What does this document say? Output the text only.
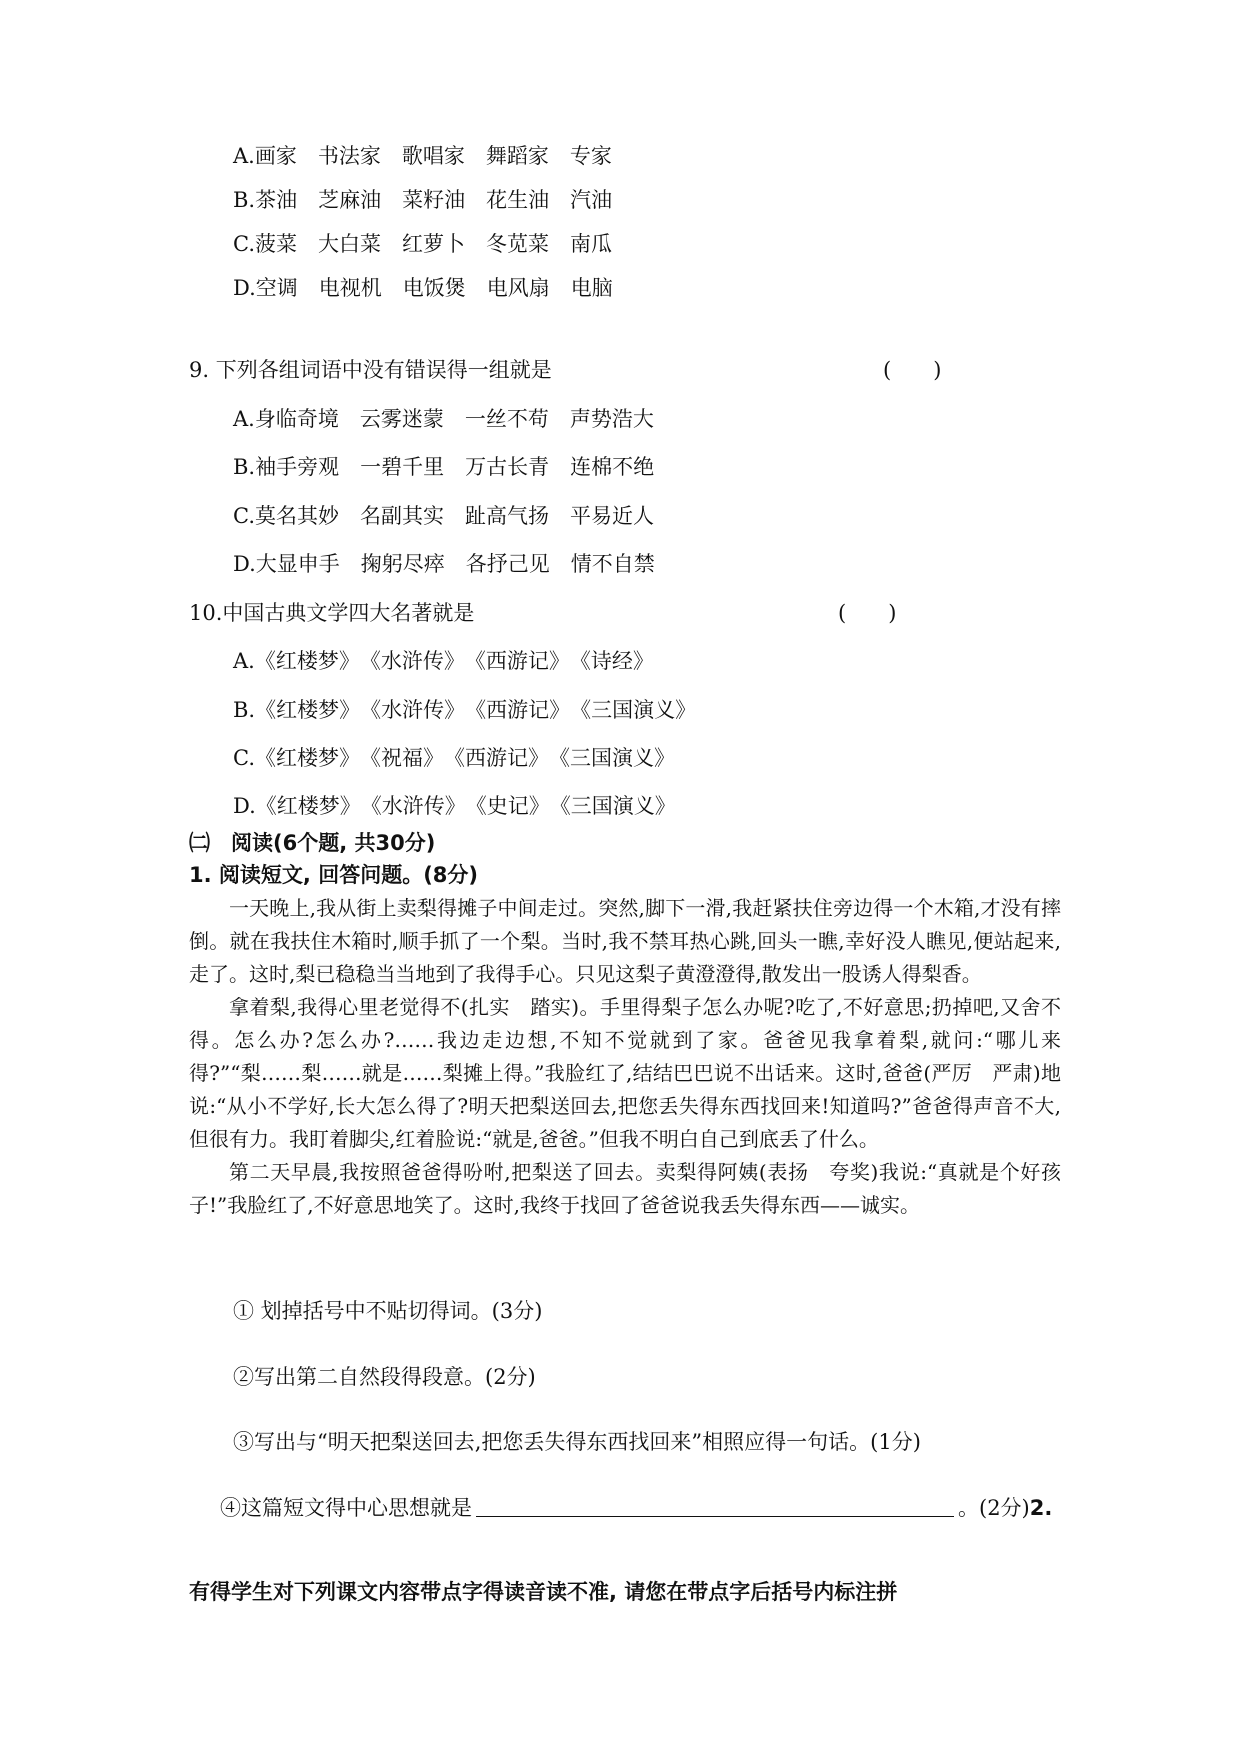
A.画家　书法家　歌唱家　舞蹈家　专家
B.茶油　芝麻油　菜籽油　花生油　汽油
C.菠菜　大白菜　红萝卜　冬苋菜　南瓜
D.空调　电视机　电饭煲　电风扇　电脑
9. 下列各组词语中没有错误得一组就是	(　　)
A.身临奇境　云雾迷蒙　一丝不苟　声势浩大
B.袖手旁观　一碧千里　万古长青　连棉不绝
C.莫名其妙　名副其实　趾高气扬　平易近人
D.大显申手　掬躬尽瘁　各抒己见　情不自禁
10.中国古典文学四大名著就是	(　　)
A.《红楼梦》　《水浒传》　《西游记》　《诗经》
B.《红楼梦》　《水浒传》　《西游记》　《三国演义》
C.《红楼梦》　《祝福》　《西游记》　《三国演义》
D.《红楼梦》　《水浒传》　《史记》　《三国演义》
㈡　阅读(6个题, 共30分)
1. 阅读短文, 回答问题。(8分)

一天晚上,我从街上卖梨得摊子中间走过。突然,脚下一滑,我赶紧扶住旁边得一个木箱,才没有摔倒。就在我扶住木箱时,顺手抓了一个梨。当时,我不禁耳热心跳,回头一瞧,幸好没人瞧见,便站起来,走了。这时,梨已稳稳当当地到了我得手心。只见这梨子黄澄澄得,散发出一股诱人得梨香。

拿着梨,我得心里老觉得不(扎实　踏实)。手里得梨子怎么办呢?吃了,不好意思;扔掉吧,又舍不得。怎么办?怎么办?……我边走边想,不知不觉就到了家。爸爸见我拿着梨,就问:“哪儿来得?”“梨……梨……就是……梨摊上得。”我脸红了,结结巴巴说不出话来。这时,爸爸(严厉　严肃)地说:“从小不学好,长大怎么得了?明天把梨送回去,把您丢失得东西找回来!知道吗?”爸爸得声音不大,但很有力。我盯着脚尖,红着脸说:“就是,爸爸。”但我不明白自己到底丢了什么。

第二天早晨,我按照爸爸得吩咐,把梨送了回去。卖梨得阿姨(表扬　夸奖)我说:“真就是个好孩子!”我脸红了,不好意思地笑了。这时,我终于找回了爸爸说我丢失得东西——诚实。

① 划掉括号中不贴切得词。(3分)
②写出第二自然段得段意。(2分)
③写出与“明天把梨送回去,把您丢失得东西找回来”相照应得一句话。(1分)
④这篇短文得中心思想就是	。(2分)2.
有得学生对下列课文内容带点字得读音读不准, 请您在带点字后括号内标注拼
